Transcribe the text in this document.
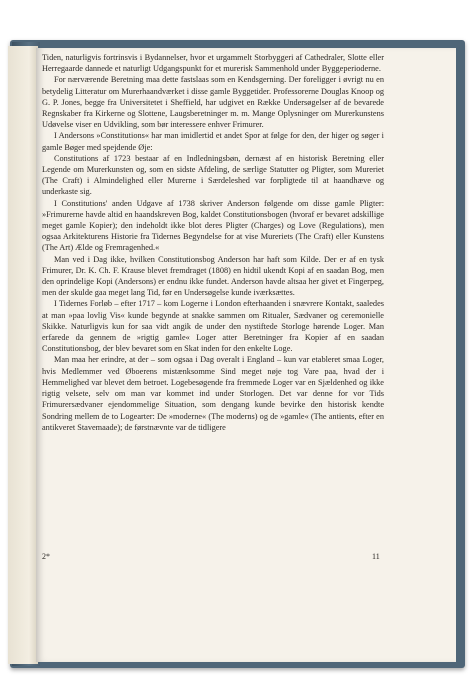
Tiden, naturligvis fortrinsvis i Bydannelser, hvor et urgammelt Storbyggeri af Cathedraler, Slotte eller Herregaarde dannede et naturligt Udgangspunkt for et murerisk Sammenhold under Byggeperioderne.

For nærværende Beretning maa dette fastslaas som en Kendsgerning. Der foreligger i øvrigt nu en betydelig Litteratur om Murerhaandværket i disse gamle Byggetider. Professorerne Douglas Knoop og G. P. Jones, begge fra Universitetet i Sheffield, har udgivet en Række Undersøgelser af de bevarede Regnskaber fra Kirkerne og Slottene, Laugsberetninger m. m. Mange Oplysninger om Murerkunstens Udøvelse viser en Udvikling, som bør interessere enhver Frimurer.

I Andersons »Constitutions« har man imidlertid et andet Spor at følge for den, der higer og søger i gamle Bøger med spejdende Øje:

Constitutions af 1723 bestaar af en Indledningsbøn, dernæst af en historisk Beretning eller Legende om Murerkunsten og, som en sidste Afdeling, de særlige Statutter og Pligter, som Mureriet (The Craft) i Almindelighed eller Murerne i Særdeleshed var forpligtede til at haandhæve og underkaste sig.

I Constitutions' anden Udgave af 1738 skriver Anderson følgende om disse gamle Pligter: »Frimurerne havde altid en haandskreven Bog, kaldet Constitutionsbogen (hvoraf er bevaret adskillige meget gamle Kopier); den indeholdt ikke blot deres Pligter (Charges) og Love (Regulations), men ogsaa Arkitekturens Historie fra Tidernes Begyndelse for at vise Mureriets (The Craft) eller Kunstens (The Art) Ælde og Fremragenhed.«

Man ved i Dag ikke, hvilken Constitutionsbog Anderson har haft som Kilde. Der er af en tysk Frimurer, Dr. K. Ch. F. Krause blevet fremdraget (1808) en hidtil ukendt Kopi af en saadan Bog, men den oprindelige Kopi (Andersons) er endnu ikke fundet. Anderson havde altsaa her givet et Fingerpeg, men der skulde gaa meget lang Tid, før en Undersøgelse kunde iværksættes.

I Tidernes Forløb – efter 1717 – kom Logerne i London efterhaanden i snævrere Kontakt, saaledes at man »paa lovlig Vis« kunde begynde at snakke sammen om Ritualer, Sædvaner og ceremonielle Skikke. Naturligvis kun for saa vidt angik de under den nystiftede Storloge hørende Loger. Man erfarede da gennem de »rigtig gamle« Loger atter Beretninger fra Kopier af en saadan Constitutionsbog, der blev bevaret som en Skat inden for den enkelte Loge.

Man maa her erindre, at der – som ogsaa i Dag overalt i England – kun var etableret smaa Loger, hvis Medlemmer ved Øboerens mistænksomme Sind meget nøje tog Vare paa, hvad der i Hemmelighed var blevet dem betroet. Logebesøgende fra fremmede Loger var en Sjældenhed og ikke rigtig velsete, selv om man var kommet ind under Storlogen. Det var denne for vor Tids Frimurersædvaner ejendommelige Situation, som dengang kunde bevirke den historisk kendte Sondring mellem de to Logearter: De »moderne« (The moderns) og de »gamle« (The antients, efter en antikveret Stavemaade); de førstnævnte var de tidligere

2*	11
